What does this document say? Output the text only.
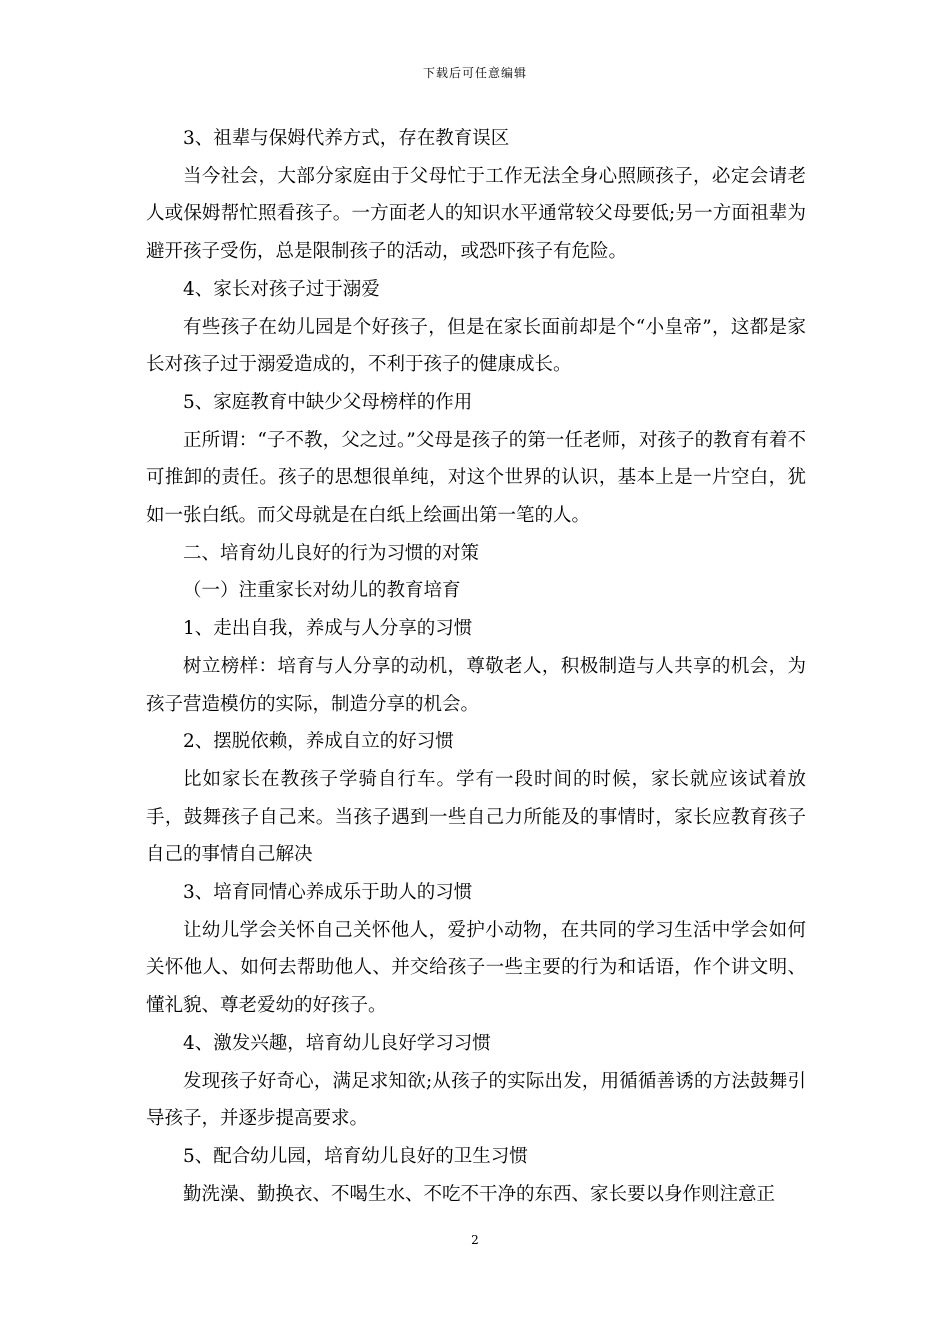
下载后可任意编辑

3、祖辈与保姆代养方式，存在教育误区

当今社会，大部分家庭由于父母忙于工作无法全身心照顾孩子，必定会请老人或保姆帮忙照看孩子。一方面老人的知识水平通常较父母要低;另一方面祖辈为避开孩子受伤，总是限制孩子的活动，或恐吓孩子有危险。

4、家长对孩子过于溺爱

有些孩子在幼儿园是个好孩子，但是在家长面前却是个“小皇帝”，这都是家长对孩子过于溺爱造成的，不利于孩子的健康成长。

5、家庭教育中缺少父母榜样的作用

正所谓：“子不教，父之过。”父母是孩子的第一任老师，对孩子的教育有着不可推卸的责任。孩子的思想很单纯，对这个世界的认识，基本上是一片空白，犹如一张白纸。而父母就是在白纸上绘画出第一笔的人。

二、培育幼儿良好的行为习惯的对策

（一）注重家长对幼儿的教育培育

1、走出自我，养成与人分享的习惯

树立榜样：培育与人分享的动机，尊敬老人，积极制造与人共享的机会，为孩子营造模仿的实际，制造分享的机会。

2、摆脱依赖，养成自立的好习惯

比如家长在教孩子学骑自行车。学有一段时间的时候，家长就应该试着放手，鼓舞孩子自己来。当孩子遇到一些自己力所能及的事情时，家长应教育孩子自己的事情自己解决

3、培育同情心养成乐于助人的习惯

让幼儿学会关怀自己关怀他人，爱护小动物，在共同的学习生活中学会如何关怀他人、如何去帮助他人、并交给孩子一些主要的行为和话语，作个讲文明、懂礼貌、尊老爱幼的好孩子。

4、激发兴趣，培育幼儿良好学习习惯

发现孩子好奇心，满足求知欲;从孩子的实际出发，用循循善诱的方法鼓舞引导孩子，并逐步提高要求。

5、配合幼儿园，培育幼儿良好的卫生习惯

勤洗澡、勤换衣、不喝生水、不吃不干净的东西、家长要以身作则注意正

2
